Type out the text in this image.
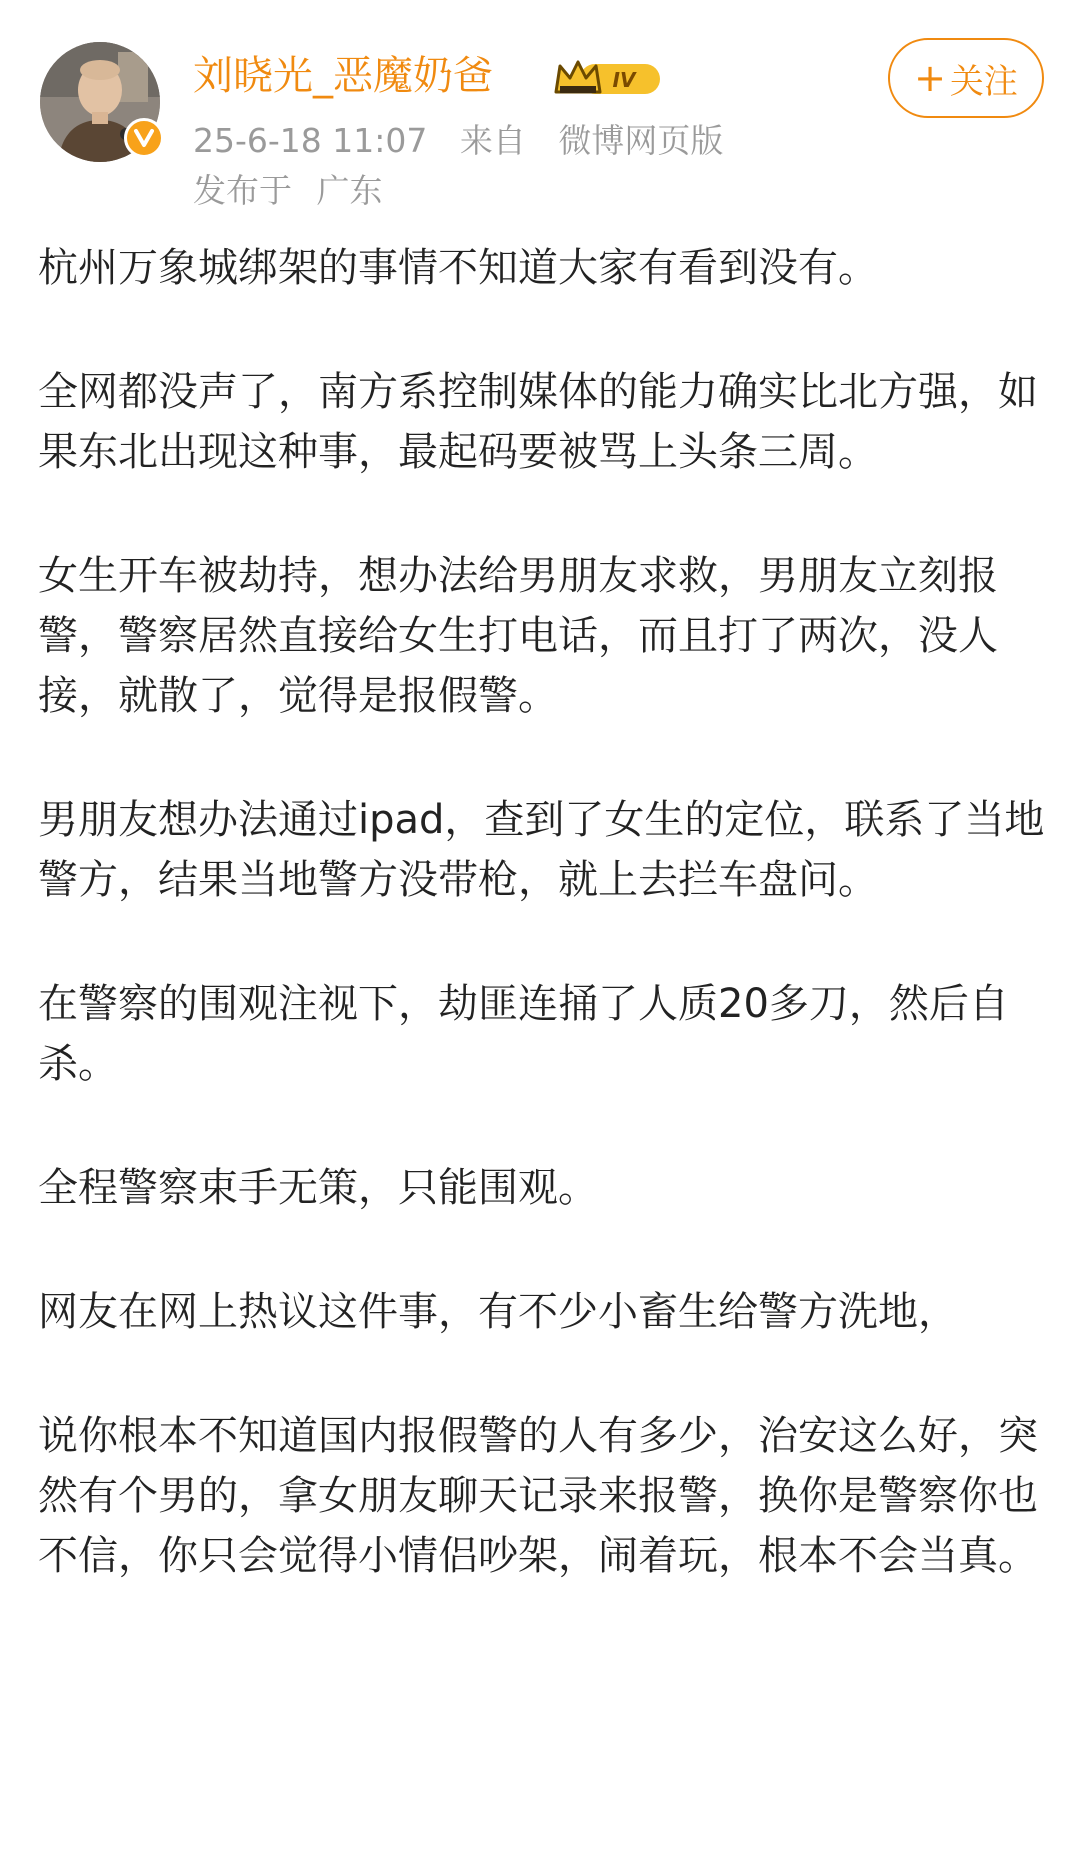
刘晓光_恶魔奶爸	IV
25-6-18 11:07 来自 微博网页版
发布于 广东
+ 关注

杭州万象城绑架的事情不知道大家有看到没有。

全网都没声了，南方系控制媒体的能力确实比北方强，如果东北出现这种事，最起码要被骂上头条三周。

女生开车被劫持，想办法给男朋友求救，男朋友立刻报警，警察居然直接给女生打电话，而且打了两次，没人接，就散了，觉得是报假警。

男朋友想办法通过ipad，查到了女生的定位，联系了当地警方，结果当地警方没带枪，就上去拦车盘问。

在警察的围观注视下，劫匪连捅了人质20多刀，然后自杀。

全程警察束手无策，只能围观。

网友在网上热议这件事，有不少小畜生给警方洗地，

说你根本不知道国内报假警的人有多少，治安这么好，突然有个男的，拿女朋友聊天记录来报警，换你是警察你也不信，你只会觉得小情侣吵架，闹着玩，根本不会当真。
